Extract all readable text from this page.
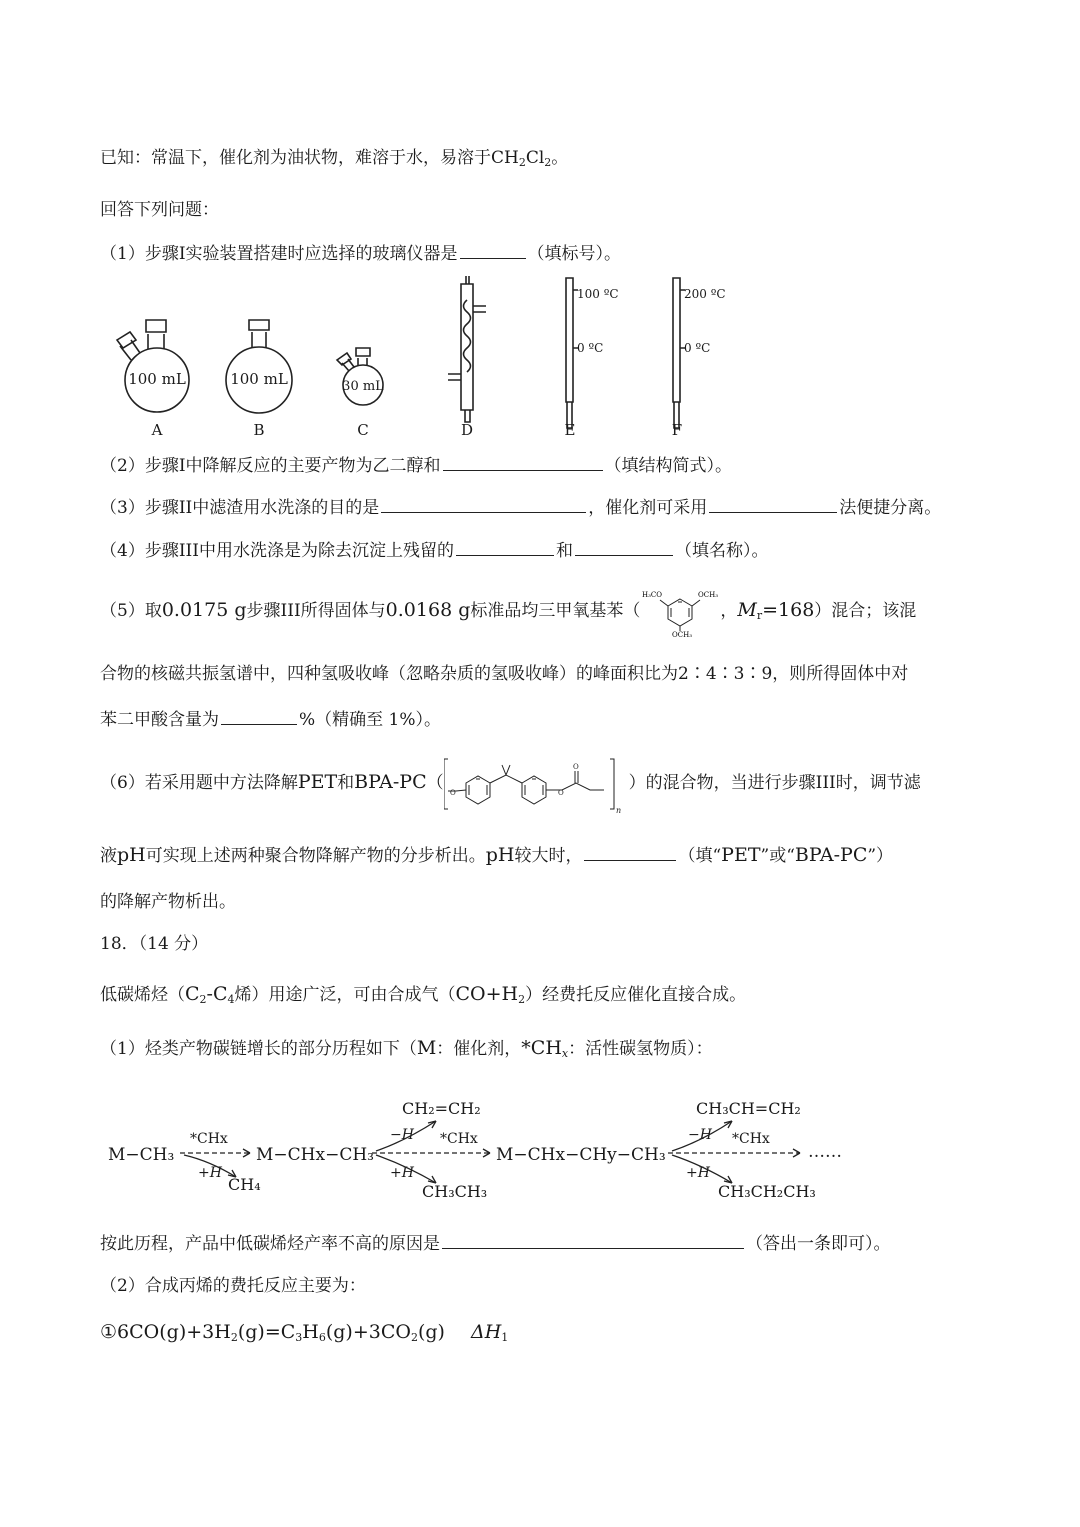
已知：常温下，催化剂为油状物，难溶于水，易溶于$CH_2Cl_2$。
回答下列问题：
（1）步骤I实验装置搭建时应选择的玻璃仪器是	（填标号）。
100 mL	100 mL	30 mL
100 ºC
0 ºC
200 ºC
0 ºC
A	B	C	D	E	F
（2）步骤I中降解反应的主要产物为乙二醇和	（填结构简式）。
（3）步骤II中滤渣用水洗涤的目的是	，催化剂可采用	法便捷分离。
（4）步骤III中用水洗涤是为除去沉淀上残留的	和	（填名称）。
（5）取0.0175 g步骤III所得固体与0.0168 g标准品均三甲氧基苯（
H₃CO	OCH₃
OCH₃
，$M_r=168$）混合；该混
合物的核磁共振氢谱中，四种氢吸收峰（忽略杂质的氢吸收峰）的峰面积比为2∶4∶3∶9，则所得固体中对
苯二甲酸含量为	%（精确至 1%）。
（6）若采用题中方法降解PET和BPA-PC（ O	O
O
n
）的混合物，当进行步骤III时，调节滤
液pH可实现上述两种聚合物降解产物的分步析出。pH较大时，	（填“PET”或“BPA-PC”）
的降解产物析出。
18．（14 分）
低碳烯烃（$C_2-C_4$烯）用途广泛，可由合成气$(CO+H_2)$经费托反应催化直接合成。
（1）烃类产物碳链增长的部分历程如下（M：催化剂，$*CH_x$：活性碳氢物质）：
M−CH₃
*CHx
+H
CH₄
M−CHx−CH₃
CH₂=CH₂
−H *CHx
+H
CH₃CH₃
M−CHx−CHy−CH₃
CH₃CH=CH₂
−H *CHx
+H
CH₃CH₂CH₃
……
按此历程，产品中低碳烯烃产率不高的原因是	（答出一条即可）。
（2）合成丙烯的费托反应主要为：
$①6CO(g)+3H_2(g)=C_3H_6(g)+3CO_2(g)$ $\Delta H_1$
